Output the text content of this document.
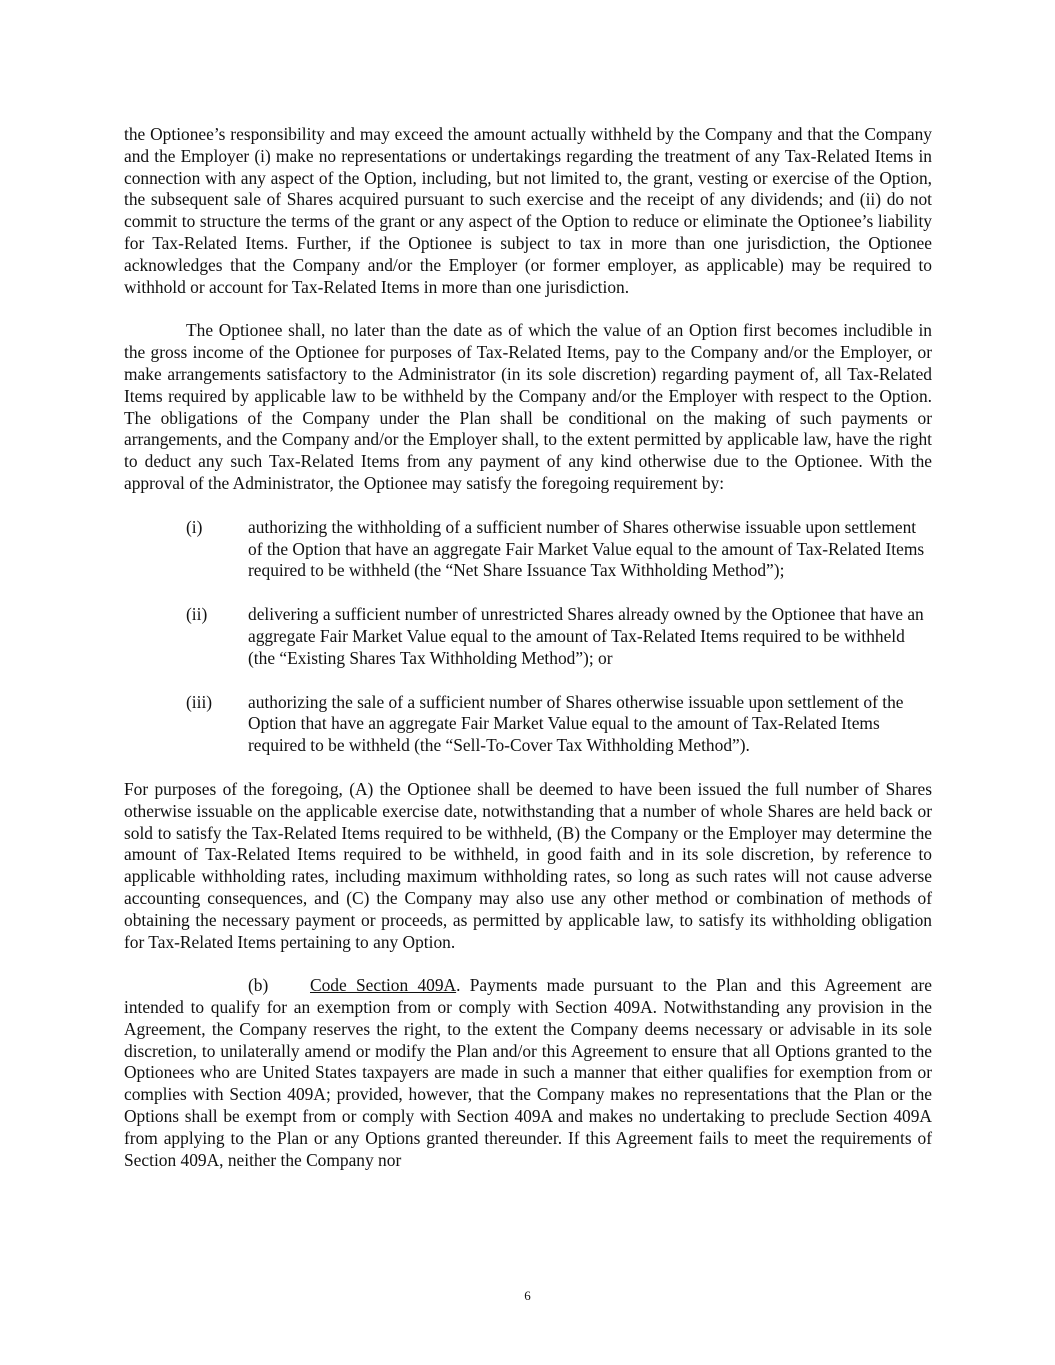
the Optionee’s responsibility and may exceed the amount actually withheld by the Company and that the Company and the Employer (i) make no representations or undertakings regarding the treatment of any Tax-Related Items in connection with any aspect of the Option, including, but not limited to, the grant, vesting or exercise of the Option, the subsequent sale of Shares acquired pursuant to such exercise and the receipt of any dividends; and (ii) do not commit to structure the terms of the grant or any aspect of the Option to reduce or eliminate the Optionee’s liability for Tax-Related Items. Further, if the Optionee is subject to tax in more than one jurisdiction, the Optionee acknowledges that the Company and/or the Employer (or former employer, as applicable) may be required to withhold or account for Tax-Related Items in more than one jurisdiction.

The Optionee shall, no later than the date as of which the value of an Option first becomes includible in the gross income of the Optionee for purposes of Tax-Related Items, pay to the Company and/or the Employer, or make arrangements satisfactory to the Administrator (in its sole discretion) regarding payment of, all Tax-Related Items required by applicable law to be withheld by the Company and/or the Employer with respect to the Option. The obligations of the Company under the Plan shall be conditional on the making of such payments or arrangements, and the Company and/or the Employer shall, to the extent permitted by applicable law, have the right to deduct any such Tax-Related Items from any payment of any kind otherwise due to the Optionee. With the approval of the Administrator, the Optionee may satisfy the foregoing requirement by:

(i)	authorizing the withholding of a sufficient number of Shares otherwise issuable upon settlement of the Option that have an aggregate Fair Market Value equal to the amount of Tax-Related Items required to be withheld (the “Net Share Issuance Tax Withholding Method”);
(ii)	delivering a sufficient number of unrestricted Shares already owned by the Optionee that have an aggregate Fair Market Value equal to the amount of Tax-Related Items required to be withheld (the “Existing Shares Tax Withholding Method”); or
(iii)	authorizing the sale of a sufficient number of Shares otherwise issuable upon settlement of the Option that have an aggregate Fair Market Value equal to the amount of Tax-Related Items required to be withheld (the “Sell-To-Cover Tax Withholding Method”).

For purposes of the foregoing, (A) the Optionee shall be deemed to have been issued the full number of Shares otherwise issuable on the applicable exercise date, notwithstanding that a number of whole Shares are held back or sold to satisfy the Tax-Related Items required to be withheld, (B) the Company or the Employer may determine the amount of Tax-Related Items required to be withheld, in good faith and in its sole discretion, by reference to applicable withholding rates, including maximum withholding rates, so long as such rates will not cause adverse accounting consequences, and (C) the Company may also use any other method or combination of methods of obtaining the necessary payment or proceeds, as permitted by applicable law, to satisfy its withholding obligation for Tax-Related Items pertaining to any Option.

(b) Code Section 409A. Payments made pursuant to the Plan and this Agreement are intended to qualify for an exemption from or comply with Section 409A. Notwithstanding any provision in the Agreement, the Company reserves the right, to the extent the Company deems necessary or advisable in its sole discretion, to unilaterally amend or modify the Plan and/or this Agreement to ensure that all Options granted to the Optionees who are United States taxpayers are made in such a manner that either qualifies for exemption from or complies with Section 409A; provided, however, that the Company makes no representations that the Plan or the Options shall be exempt from or comply with Section 409A and makes no undertaking to preclude Section 409A from applying to the Plan or any Options granted thereunder. If this Agreement fails to meet the requirements of Section 409A, neither the Company nor

6
